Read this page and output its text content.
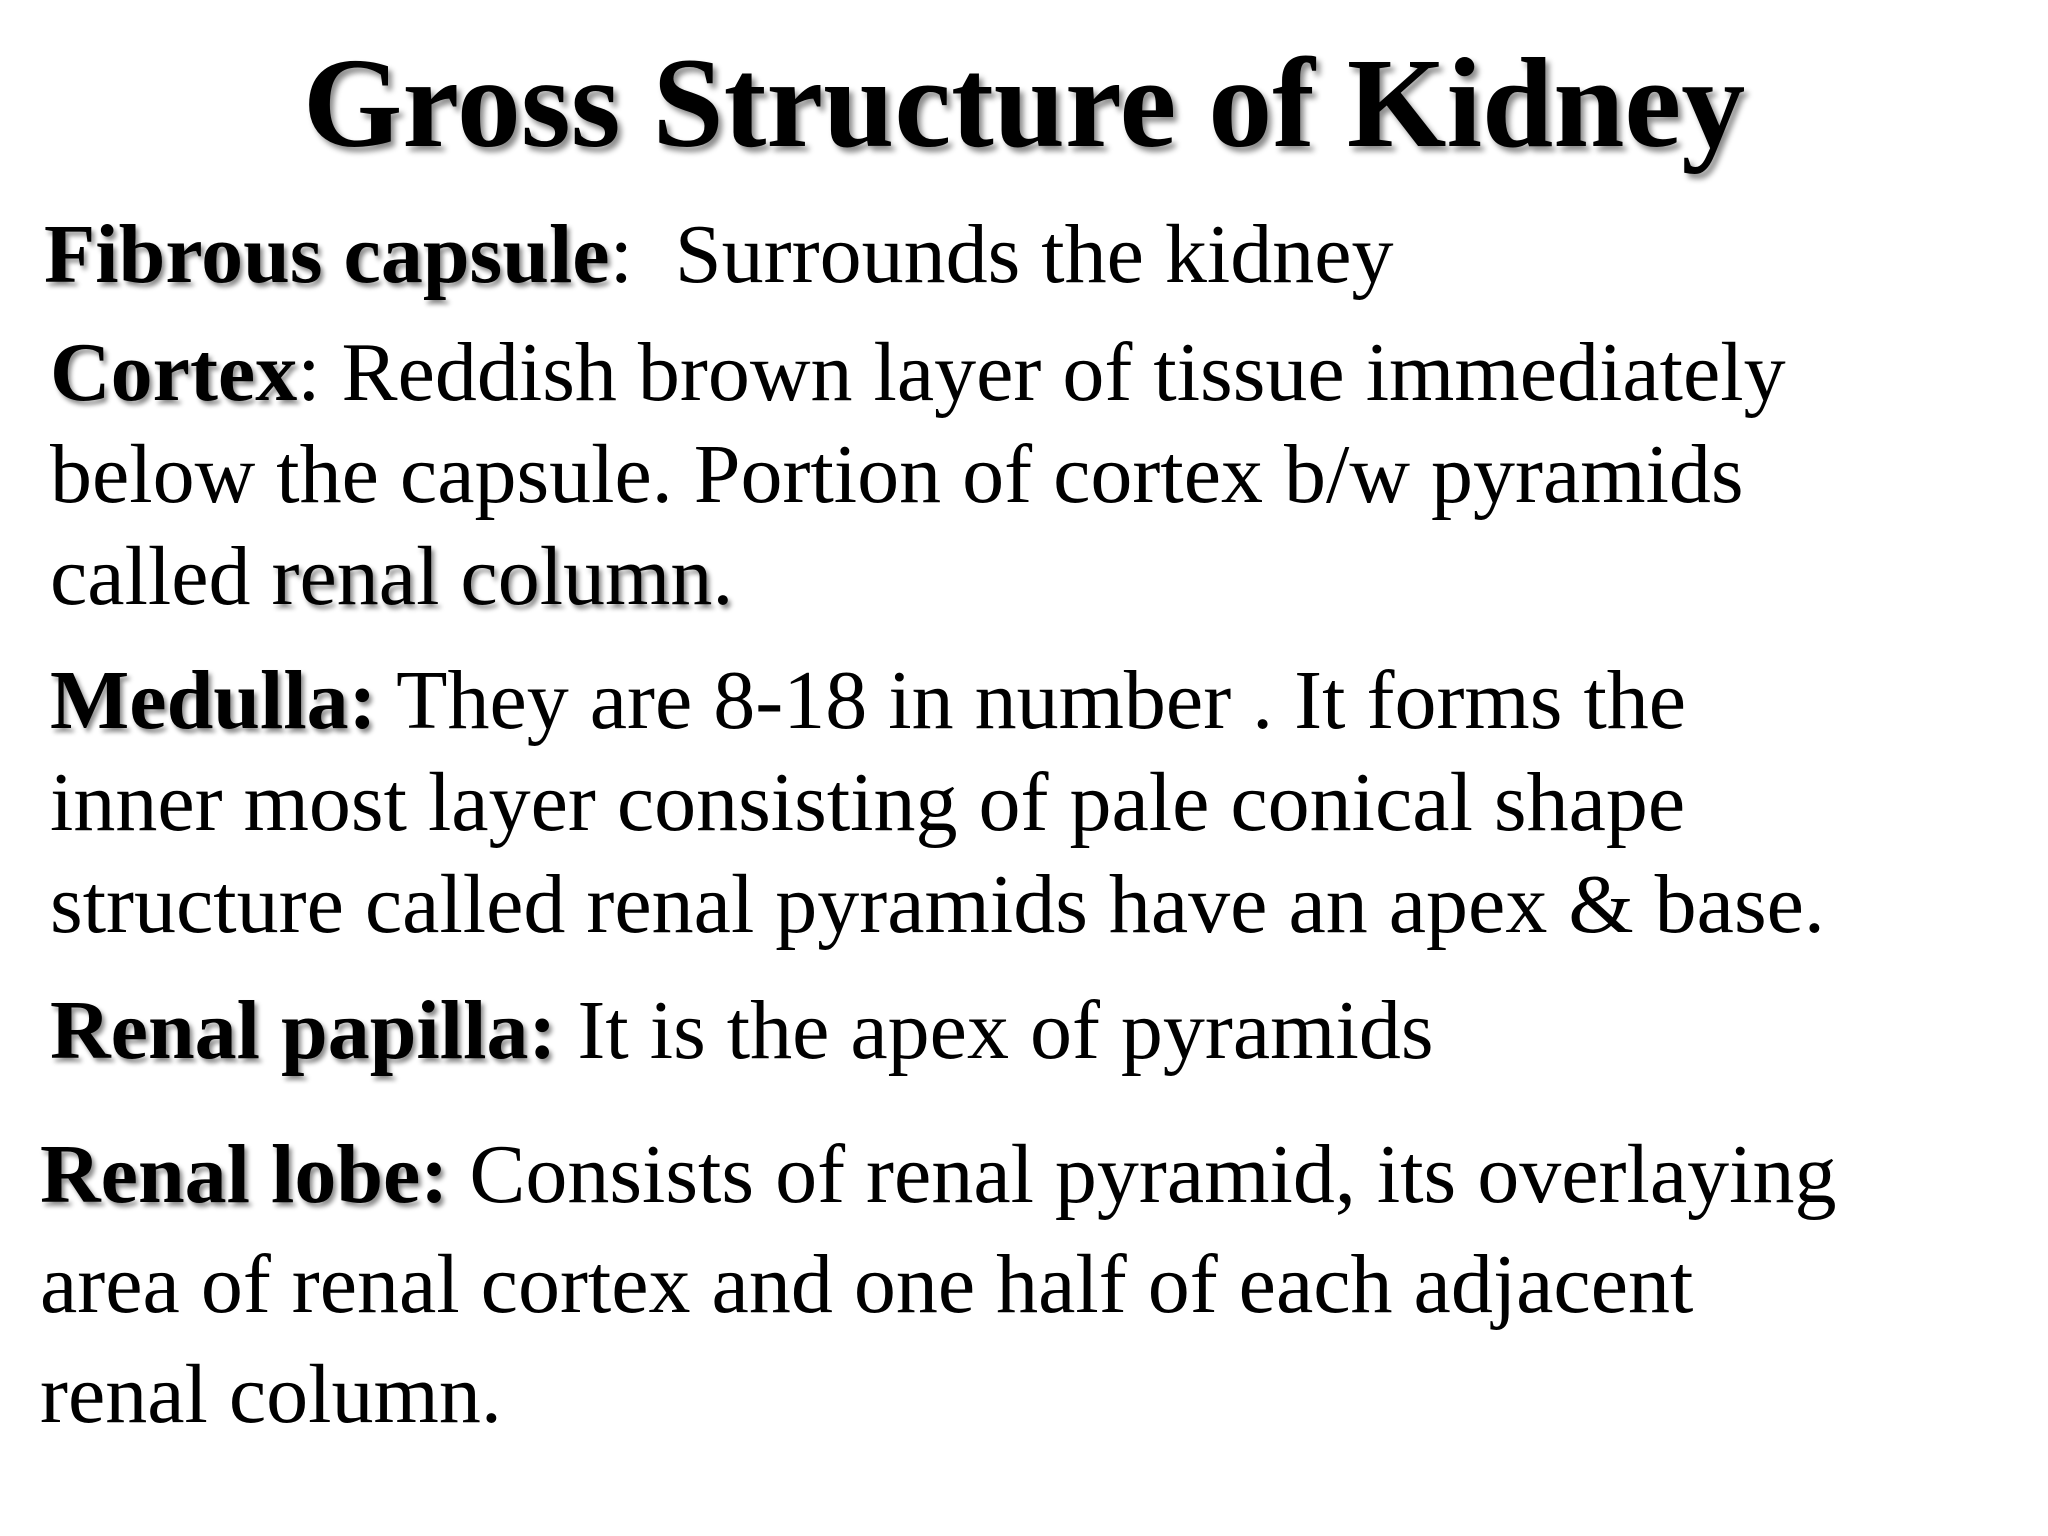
Gross Structure of Kidney

Fibrous capsule:  Surrounds the kidney

Cortex: Reddish brown layer of tissue immediately
below the capsule. Portion of cortex b/w pyramids
called renal column.

Medulla: They are 8-18 in number . It forms the
inner most layer consisting of pale conical shape
structure called renal pyramids have an apex & base.

Renal papilla: It is the apex of pyramids

Renal lobe: Consists of renal pyramid, its overlaying
area of renal cortex and one half of each adjacent
renal column.
